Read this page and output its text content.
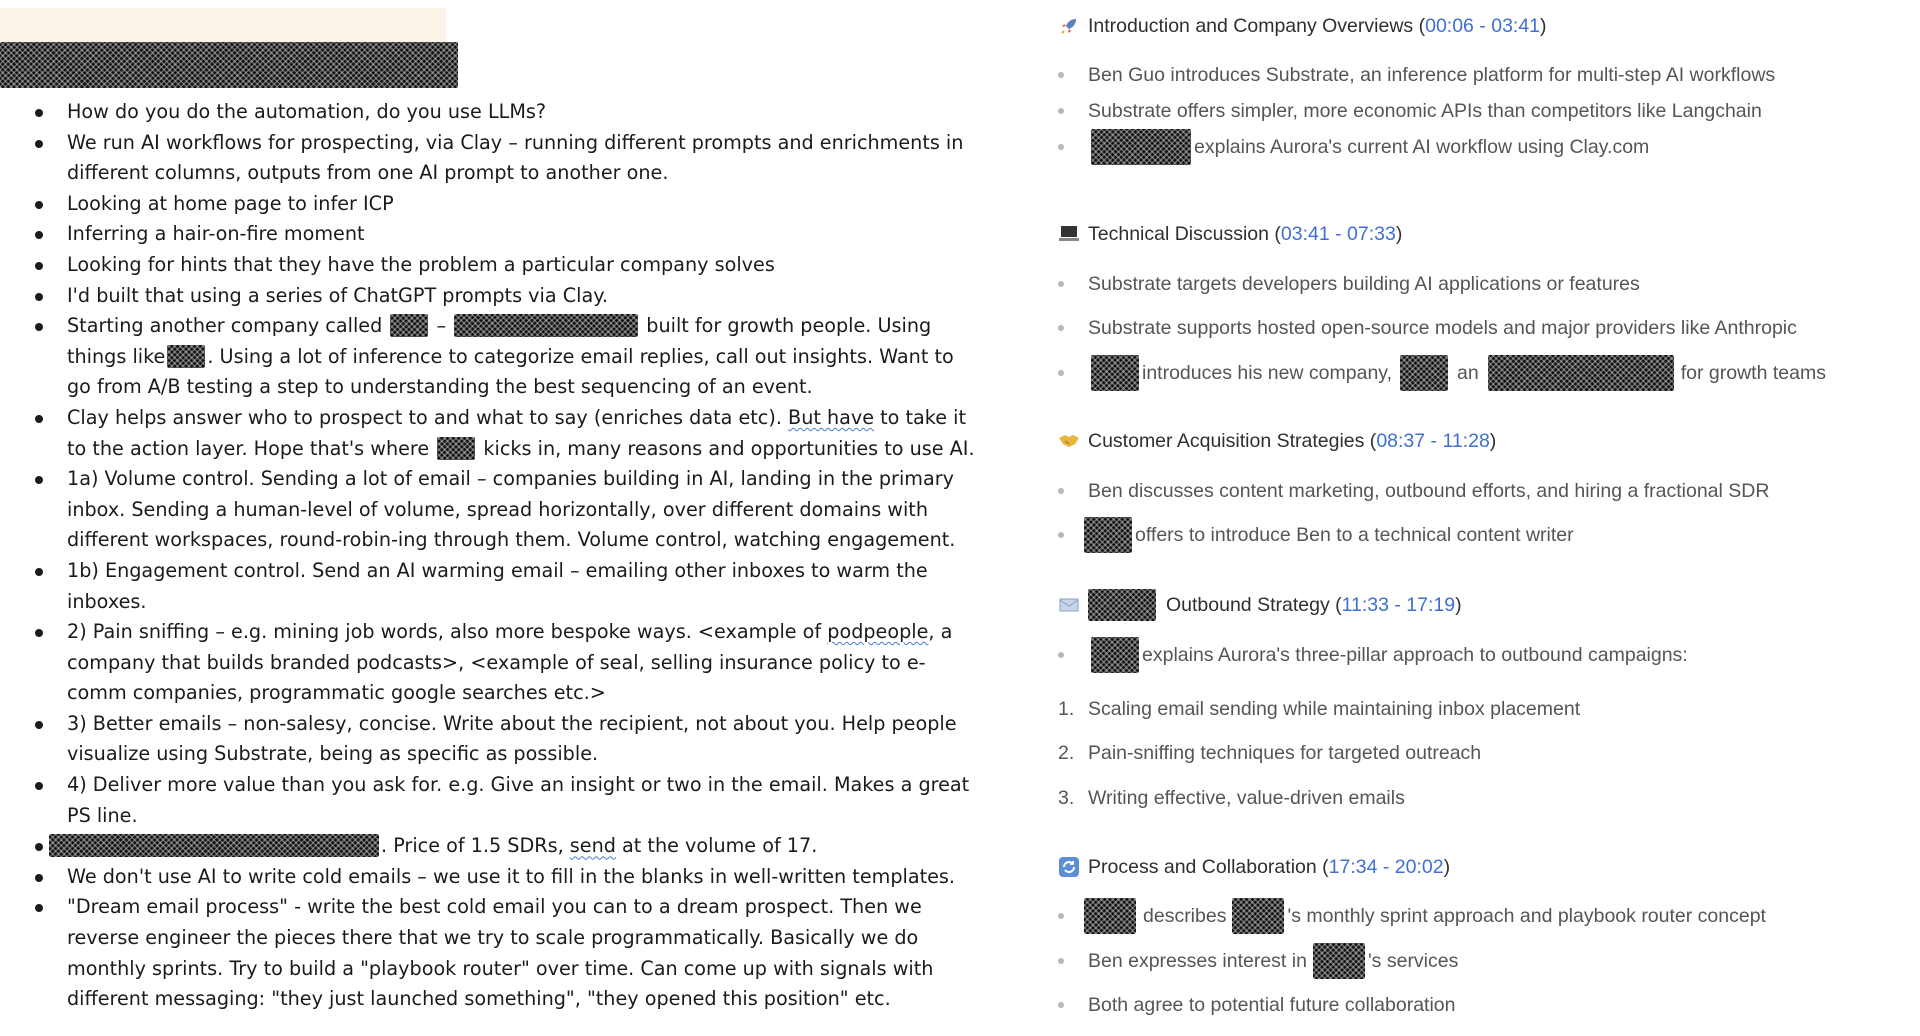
How do you do the automation, do you use LLMs?
We run AI workflows for prospecting, via Clay – running different prompts and enrichments in different columns, outputs from one AI prompt to another one.
Looking at home page to infer ICP
Inferring a hair-on-fire moment
Looking for hints that they have the problem a particular company solves
I'd built that using a series of ChatGPT prompts via Clay.
Starting another company called	–	built for growth people. Using things like . Using a lot of inference to categorize email replies, call out insights. Want to go from A/B testing a step to understanding the best sequencing of an event.
Clay helps answer who to prospect to and what to say (enriches data etc). But have to take it to the action layer. Hope that's where	kicks in, many reasons and opportunities to use AI.
1a) Volume control. Sending a lot of email – companies building in AI, landing in the primary inbox. Sending a human-level of volume, spread horizontally, over different domains with different workspaces, round-robin-ing through them. Volume control, watching engagement.
1b) Engagement control. Send an AI warming email – emailing other inboxes to warm the inboxes.
2) Pain sniffing – e.g. mining job words, also more bespoke ways. <example of podpeople, a company that builds branded podcasts>, <example of seal, selling insurance policy to e-comm companies, programmatic google searches etc.>
3) Better emails – non-salesy, concise. Write about the recipient, not about you. Help people visualize using Substrate, being as specific as possible.
4) Deliver more value than you ask for. e.g. Give an insight or two in the email. Makes a great PS line.
. Price of 1.5 SDRs, send at the volume of 17.
We don't use AI to write cold emails – we use it to fill in the blanks in well-written templates.
"Dream email process" - write the best cold email you can to a dream prospect. Then we reverse engineer the pieces there that we try to scale programmatically. Basically we do monthly sprints. Try to build a "playbook router" over time. Can come up with signals with different messaging: "they just launched something", "they opened this position" etc.
Introduction and Company Overviews ( 00:06 - 03:41 )
Ben Guo introduces Substrate, an inference platform for multi-step AI workflows
Substrate offers simpler, more economic APIs than competitors like Langchain
explains Aurora's current AI workflow using Clay.com
Technical Discussion ( 03:41 - 07:33 )
Substrate targets developers building AI applications or features
Substrate supports hosted open-source models and major providers like Anthropic
introduces his new company,	an	for growth teams
Customer Acquisition Strategies ( 08:37 - 11:28 )
Ben discusses content marketing, outbound efforts, and hiring a fractional SDR
offers to introduce Ben to a technical content writer
Outbound Strategy ( 11:33 - 17:19 )
explains Aurora's three-pillar approach to outbound campaigns:
1. Scaling email sending while maintaining inbox placement
2. Pain-sniffing techniques for targeted outreach
3. Writing effective, value-driven emails
Process and Collaboration ( 17:34 - 20:02 )
describes	's monthly sprint approach and playbook router concept
Ben expresses interest in	's services
Both agree to potential future collaboration
